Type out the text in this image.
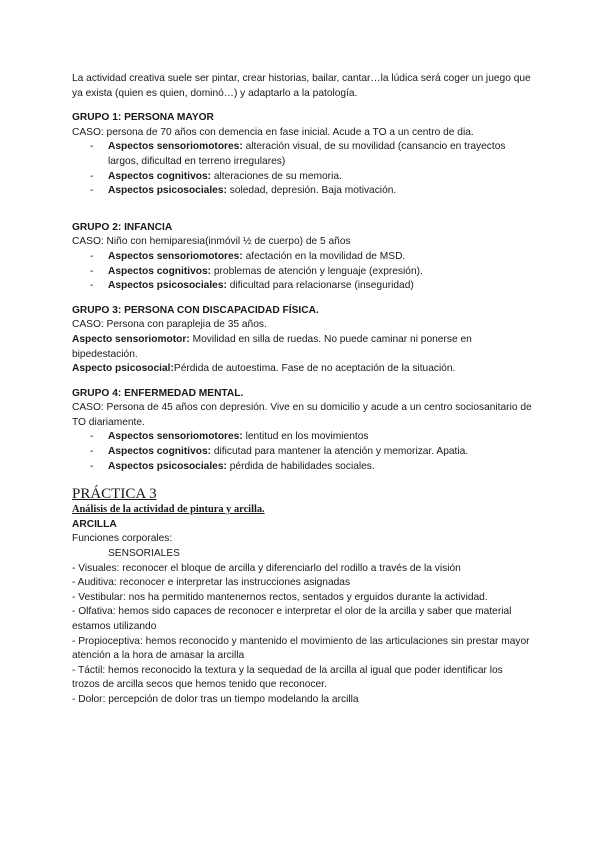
La actividad creativa suele ser pintar, crear historias, bailar, cantar…la lúdica será coger un juego que ya exista (quien es quien, dominó…) y adaptarlo a la patología.

GRUPO 1: PERSONA MAYOR

CASO: persona de 70 años con demencia en fase inicial. Acude a TO a un centro de dia.

- Aspectos sensoriomotores: alteración visual, de su movilidad (cansancio en trayectos largos, dificultad en terreno irregulares)
- Aspectos cognitivos: alteraciones de su memoria.
- Aspectos psicosociales: soledad, depresión. Baja motivación.

GRUPO 2: INFANCIA

CASO: Niño con hemiparesia(inmóvil ½ de cuerpo) de 5 años

- Aspectos sensoriomotores: afectación en la movilidad de MSD.
- Aspectos cognitivos: problemas de atención y lenguaje (expresión).
- Aspectos psicosociales: dificultad para relacionarse (inseguridad)

GRUPO 3: PERSONA CON DISCAPACIDAD FÍSICA.

CASO: Persona con paraplejia de 35 años.

Aspecto sensoriomotor: Movilidad en silla de ruedas. No puede caminar ni ponerse en bipedestación.

Aspecto psicosocial:Pérdida de autoestima. Fase de no aceptación de la situación.

GRUPO 4: ENFERMEDAD MENTAL.

CASO: Persona de 45 años con depresión. Vive en su domicilio y acude a un centro sociosanitario de TO diariamente.

- Aspectos sensoriomotores: lentitud en los movimientos
- Aspectos cognitivos: dificutad para mantener la atención y memorizar. Apatia.
- Aspectos psicosociales: pérdida de habilidades sociales.

PRÁCTICA 3

Análisis de la actividad de pintura y arcilla.

ARCILLA

Funciones corporales:

SENSORIALES

- Visuales: reconocer el bloque de arcilla y diferenciarlo del rodillo a través de la visión

- Auditiva: reconocer e interpretar las instrucciones asignadas

- Vestibular: nos ha permitido mantenernos rectos, sentados y erguidos durante la actividad.

- Olfativa: hemos sido capaces de reconocer e interpretar el olor de la arcilla y saber que material estamos utilizando

- Propioceptiva: hemos reconocido y mantenido el movimiento de las articulaciones sin prestar mayor atención a la hora de amasar la arcilla

- Táctil: hemos reconocido la textura y la sequedad de la arcilla al igual que poder identificar los trozos de arcilla secos que hemos tenido que reconocer.

- Dolor: percepción de dolor tras un tiempo modelando la arcilla
